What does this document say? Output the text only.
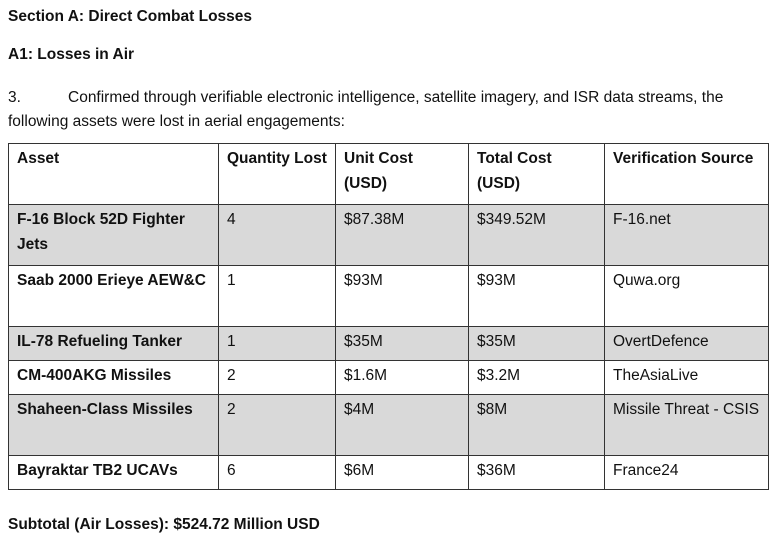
Section A: Direct Combat Losses
A1: Losses in Air

3.	Confirmed through verifiable electronic intelligence, satellite imagery, and ISR data streams, the following assets were lost in aerial engagements:

Asset	Quantity Lost	Unit Cost (USD)	Total Cost (USD)	Verification Source
F-16 Block 52D Fighter Jets	4	$87.38M	$349.52M	F-16.net
Saab 2000 Erieye AEW&C	1	$93M	$93M	Quwa.org
IL-78 Refueling Tanker	1	$35M	$35M	OvertDefence
CM-400AKG Missiles	2	$1.6M	$3.2M	TheAsiaLive
Shaheen-Class Missiles	2	$4M	$8M	Missile Threat - CSIS
Bayraktar TB2 UCAVs	6	$6M	$36M	France24

Subtotal (Air Losses): $524.72 Million USD
